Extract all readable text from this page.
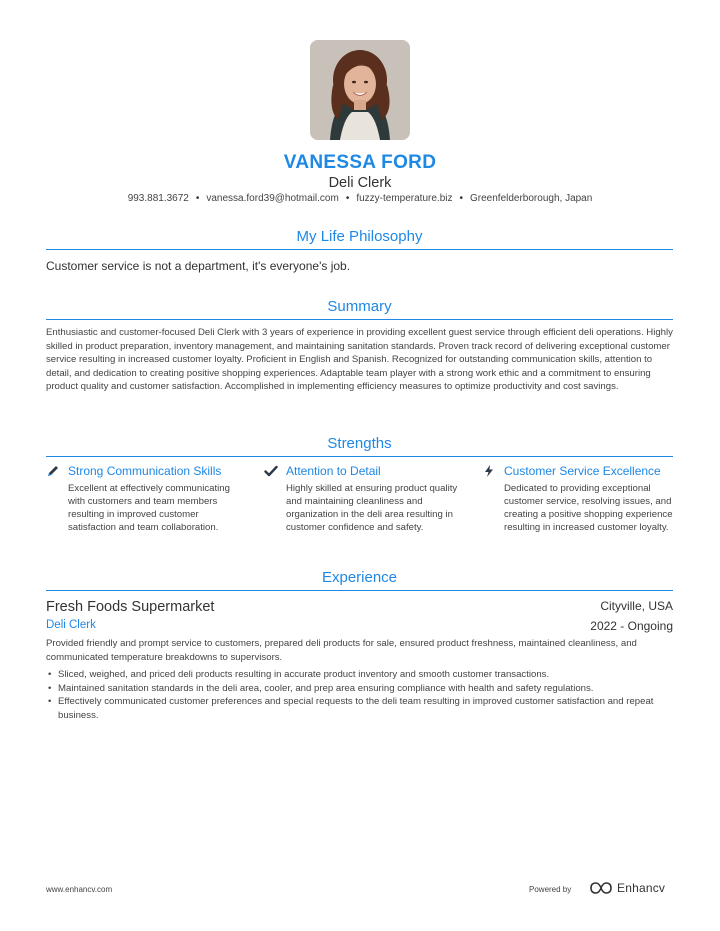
VANESSA FORD
Deli Clerk
993.881.3672 • vanessa.ford39@hotmail.com • fuzzy-temperature.biz • Greenfelderborough, Japan
My Life Philosophy
Customer service is not a department, it's everyone's job.
Summary
Enthusiastic and customer-focused Deli Clerk with 3 years of experience in providing excellent guest service through efficient deli operations. Highly skilled in product preparation, inventory management, and maintaining sanitation standards. Proven track record of delivering exceptional customer service resulting in increased customer loyalty. Proficient in English and Spanish. Recognized for outstanding communication skills, attention to detail, and dedication to creating positive shopping experiences. Adaptable team player with a strong work ethic and a commitment to ensuring product quality and customer satisfaction. Accomplished in implementing efficiency measures to optimize productivity and cost savings.
Strengths
Strong Communication Skills
Excellent at effectively communicating with customers and team members resulting in improved customer satisfaction and team collaboration.
Attention to Detail
Highly skilled at ensuring product quality and maintaining cleanliness and organization in the deli area resulting in customer confidence and safety.
Customer Service Excellence
Dedicated to providing exceptional customer service, resolving issues, and creating a positive shopping experience resulting in increased customer loyalty.
Experience
Fresh Foods Supermarket	Cityville, USA
Deli Clerk	2022 - Ongoing
Provided friendly and prompt service to customers, prepared deli products for sale, ensured product freshness, maintained cleanliness, and communicated temperature breakdowns to supervisors.
• Sliced, weighed, and priced deli products resulting in accurate product inventory and smooth customer transactions.
• Maintained sanitation standards in the deli area, cooler, and prep area ensuring compliance with health and safety regulations.
• Effectively communicated customer preferences and special requests to the deli team resulting in improved customer satisfaction and repeat business.
www.enhancv.com	Powered by	Enhancv
